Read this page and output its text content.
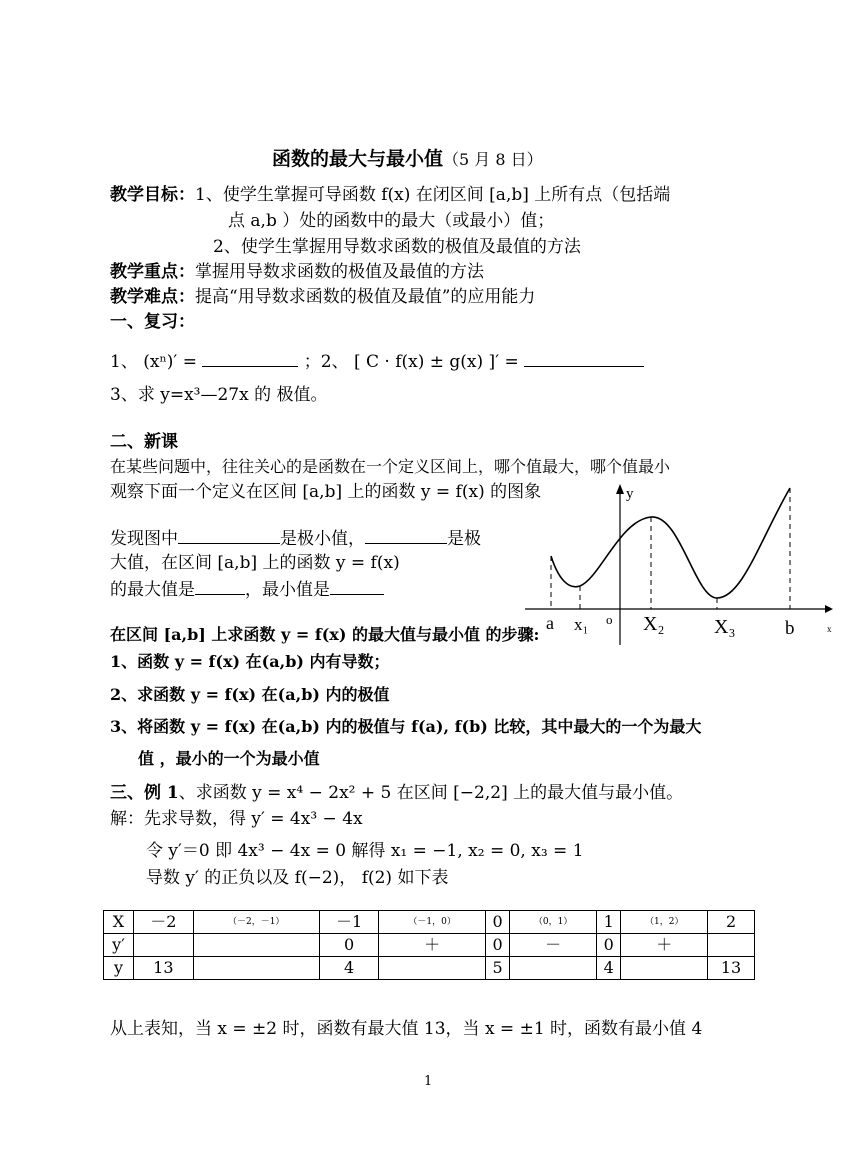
函数的最大与最小值（5 月 8 日）
教学目标：1、使学生掌握可导函数 f(x) 在闭区间 [a,b] 上所有点（包括端
点 a,b ）处的函数中的最大（或最小）值；
2、使学生掌握用导数求函数的极值及最值的方法
教学重点：掌握用导数求函数的极值及最值的方法
教学难点：提高“用导数求函数的极值及最值”的应用能力
一、复习：
1、 (xⁿ)′ =	；2、 [ C · f(x) ± g(x) ]′ =
3、求 y=x³—27x 的 极值。
二、新课
在某些问题中，往往关心的是函数在一个定义区间上，哪个值最大，哪个值最小
观察下面一个定义在区间 [a,b] 上的函数 y = f(x) 的图象
发现图中	是极小值，	是极
大值，在区间 [a,b] 上的函数 y = f(x)
的最大值是	，最小值是
y
o
x
a x₁	X₂ X₃	b
在区间 [a,b] 上求函数 y = f(x) 的最大值与最小值 的步骤:
1、函数 y = f(x) 在(a,b) 内有导数；
2、求函数 y = f(x) 在(a,b) 内的极值
3、将函数 y = f(x) 在(a,b) 内的极值与 f(a), f(b) 比较，其中最大的一个为最大
值 ，最小的一个为最小值
三、例 1、求函数 y = x⁴ − 2x² + 5 在区间 [−2,2] 上的最大值与最小值。
解：先求导数，得 y′ = 4x³ − 4x
令 y′＝0 即 4x³ − 4x = 0 解得 x₁ = −1, x₂ = 0, x₃ = 1
导数 y′ 的正负以及 f(−2)， f(2) 如下表
X	－2	（－2，－1）	－1	（－1，0）	0	（0，1）	1	（1，2）	2
y′			0	＋	0	－	0	＋	
y	13		4		5		4		13
从上表知，当 x = ±2 时，函数有最大值 13，当 x = ±1 时，函数有最小值 4
1
